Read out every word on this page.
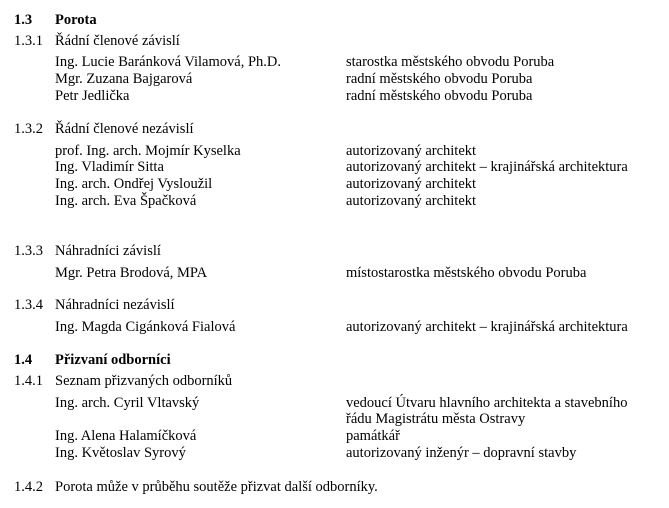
1.3 Porota
1.3.1 Řádní členové závislí
Ing. Lucie Baránková Vilamová, Ph.D.	starostka městského obvodu Poruba
Mgr. Zuzana Bajgarová	radní městského obvodu Poruba
Petr Jedlička	radní městského obvodu Poruba
1.3.2 Řádní členové nezávislí
prof. Ing. arch. Mojmír Kyselka	autorizovaný architekt
Ing. Vladimír Sitta	autorizovaný architekt – krajinářská architektura
Ing. arch. Ondřej Vysloužil	autorizovaný architekt
Ing. arch. Eva Špačková	autorizovaný architekt
1.3.3 Náhradníci závislí
Mgr. Petra Brodová, MPA	místostarostka městského obvodu Poruba
1.3.4 Náhradníci nezávislí
Ing. Magda Cigánková Fialová	autorizovaný architekt – krajinářská architektura
1.4 Přizvaní odborníci
1.4.1 Seznam přizvaných odborníků
Ing. arch. Cyril Vltavský	vedoucí Útvaru hlavního architekta a stavebního
řádu Magistrátu města Ostravy
Ing. Alena Halamíčková	památkář
Ing. Květoslav Syrový	autorizovaný inženýr – dopravní stavby
1.4.2 Porota může v průběhu soutěže přizvat další odborníky.
